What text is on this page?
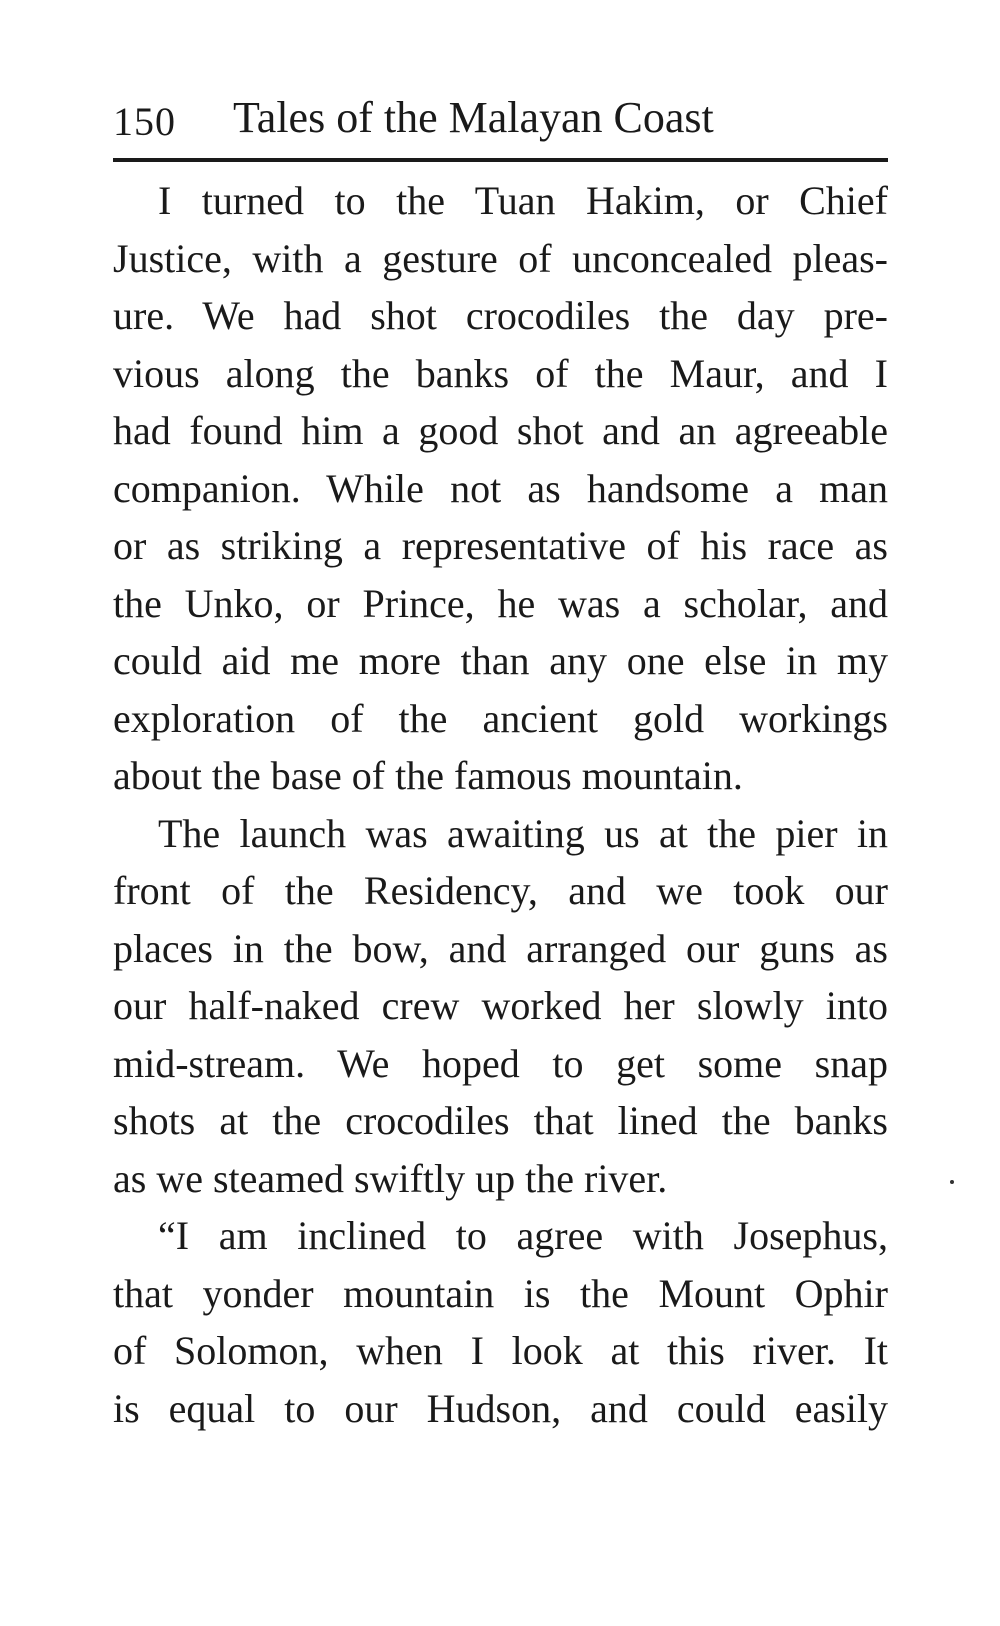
150 Tales of the Malayan Coast
I turned to the Tuan Hakim, or Chief
Justice, with a gesture of unconcealed pleas-
ure. We had shot crocodiles the day pre-
vious along the banks of the Maur, and I
had found him a good shot and an agreeable
companion. While not as handsome a man
or as striking a representative of his race as
the Unko, or Prince, he was a scholar, and
could aid me more than any one else in my
exploration of the ancient gold workings
about the base of the famous mountain.
The launch was awaiting us at the pier in
front of the Residency, and we took our
places in the bow, and arranged our guns as
our half-naked crew worked her slowly into
mid-stream. We hoped to get some snap
shots at the crocodiles that lined the banks
as we steamed swiftly up the river.
“I am inclined to agree with Josephus,
that yonder mountain is the Mount Ophir
of Solomon, when I look at this river. It
is equal to our Hudson, and could easily
